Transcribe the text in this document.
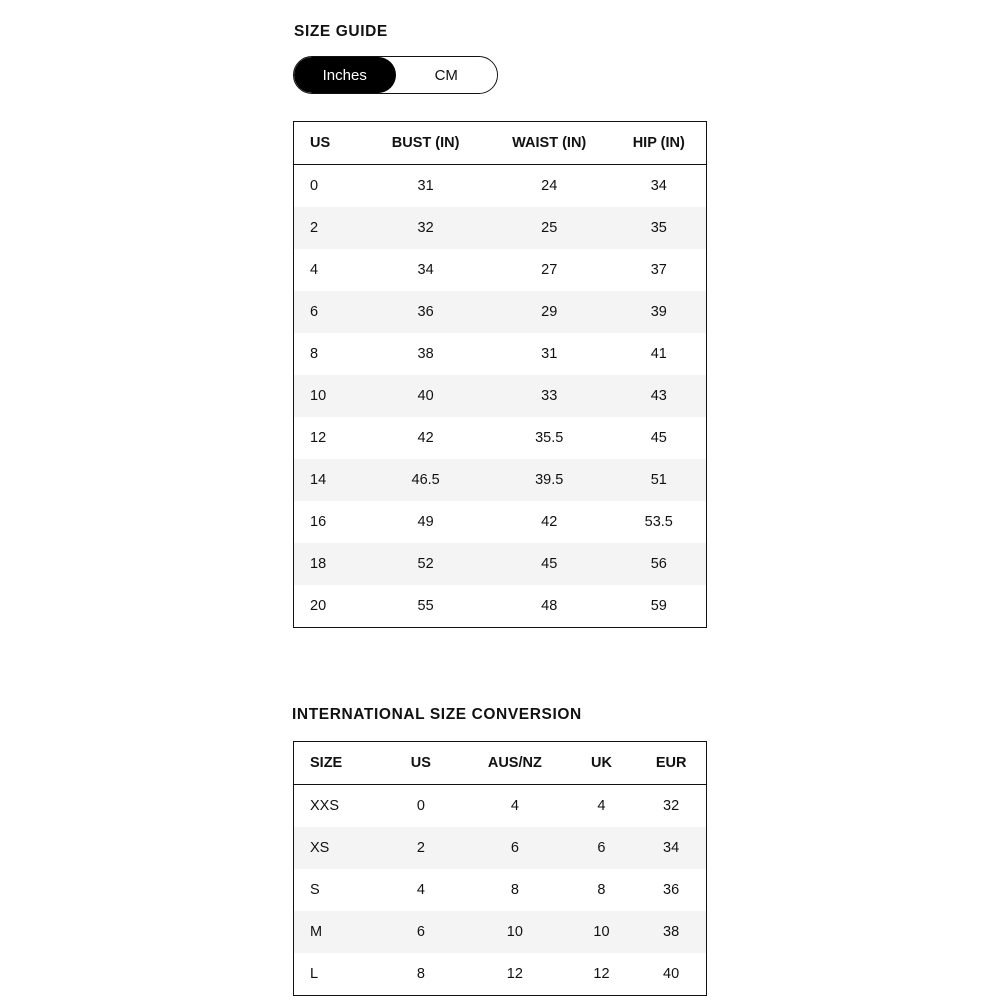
SIZE GUIDE
Inches	CM
US	BUST (IN)	WAIST (IN)	HIP (IN)
0	31	24	34
2	32	25	35
4	34	27	37
6	36	29	39
8	38	31	41
10	40	33	43
12	42	35.5	45
14	46.5	39.5	51
16	49	42	53.5
18	52	45	56
20	55	48	59
INTERNATIONAL SIZE CONVERSION
SIZE	US	AUS/NZ	UK	EUR
XXS	0	4	4	32
XS	2	6	6	34
S	4	8	8	36
M	6	10	10	38
L	8	12	12	40
